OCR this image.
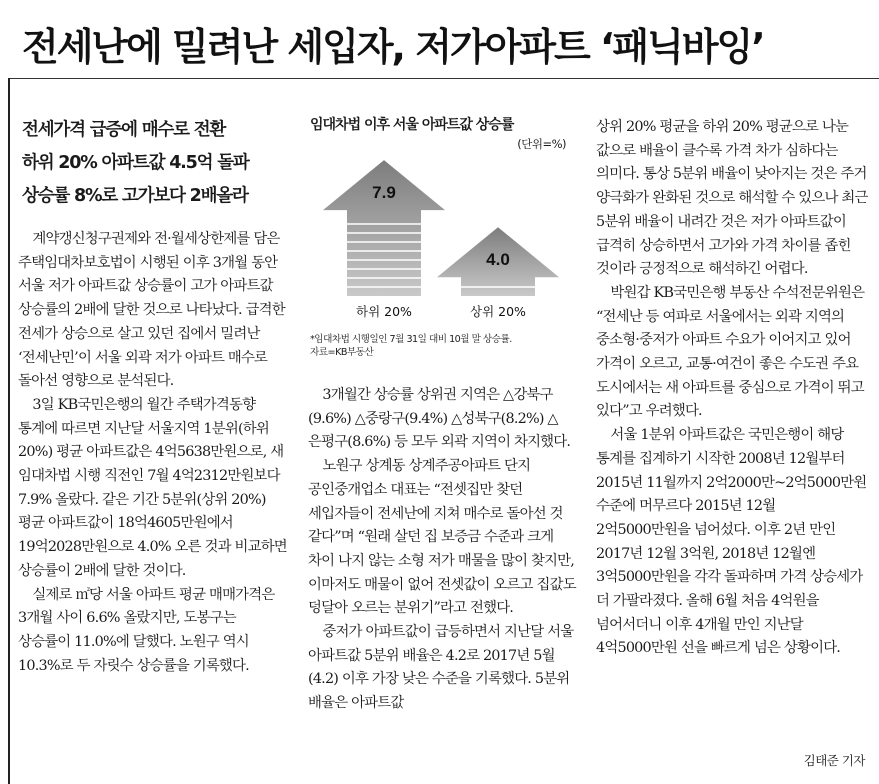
전세난에 밀려난 세입자, 저가아파트 ‘패닉바잉’
전세가격 급증에 매수로 전환
하위 20% 아파트값 4.5억 돌파
상승률 8%로 고가보다 2배올라

계약갱신청구권제와 전·월세상한제를 담은 주택임대차보호법이 시행된 이후 3개월 동안 서울 저가 아파트값 상승률이 고가 아파트값 상승률의 2배에 달한 것으로 나타났다. 급격한 전세가 상승으로 살고 있던 집에서 밀려난 ‘전세난민’이 서울 외곽 저가 아파트 매수로 돌아선 영향으로 분석된다.

3일 KB국민은행의 월간 주택가격동향 통계에 따르면 지난달 서울지역 1분위(하위 20%) 평균 아파트값은 4억5638만원으로, 새 임대차법 시행 직전인 7월 4억2312만원보다 7.9% 올랐다. 같은 기간 5분위(상위 20%) 평균 아파트값이 18억4605만원에서 19억2028만원으로 4.0% 오른 것과 비교하면 상승률이 2배에 달한 것이다.

실제로 ㎡당 서울 아파트 평균 매매가격은 3개월 사이 6.6% 올랐지만, 도봉구는 상승률이 11.0%에 달했다. 노원구 역시 10.3%로 두 자릿수 상승률을 기록했다.

임대차법 이후 서울 아파트값 상승률
(단위=%)
7.9
하위 20%
4.0
상위 20%
*임대차법 시행일인 7월 31일 대비 10월 말 상승률.
자료=KB부동산

3개월간 상승률 상위권 지역은 △강북구(9.6%) △중랑구(9.4%) △성북구(8.2%) △은평구(8.6%) 등 모두 외곽 지역이 차지했다.

노원구 상계동 상계주공아파트 단지 공인중개업소 대표는 “전셋집만 찾던 세입자들이 전세난에 지쳐 매수로 돌아선 것 같다”며 “원래 살던 집 보증금 수준과 크게 차이 나지 않는 소형 저가 매물을 많이 찾지만, 이마저도 매물이 없어 전셋값이 오르고 집값도 덩달아 오르는 분위기”라고 전했다.

중저가 아파트값이 급등하면서 지난달 서울 아파트값 5분위 배율은 4.2로 2017년 5월(4.2) 이후 가장 낮은 수준을 기록했다. 5분위 배율은 아파트값

상위 20% 평균을 하위 20% 평균으로 나눈 값으로 배율이 클수록 가격 차가 심하다는 의미다. 통상 5분위 배율이 낮아지는 것은 주거 양극화가 완화된 것으로 해석할 수 있으나 최근 5분위 배율이 내려간 것은 저가 아파트값이 급격히 상승하면서 고가와 가격 차이를 좁힌 것이라 긍정적으로 해석하긴 어렵다.

박원갑 KB국민은행 부동산 수석전문위원은 “전세난 등 여파로 서울에서는 외곽 지역의 중소형·중저가 아파트 수요가 이어지고 있어 가격이 오르고, 교통·여건이 좋은 수도권 주요 도시에서는 새 아파트를 중심으로 가격이 뛰고 있다”고 우려했다.

서울 1분위 아파트값은 국민은행이 해당 통계를 집계하기 시작한 2008년 12월부터 2015년 11월까지 2억2000만~2억5000만원 수준에 머무르다 2015년 12월 2억5000만원을 넘어섰다. 이후 2년 만인 2017년 12월 3억원, 2018년 12월엔 3억5000만원을 각각 돌파하며 가격 상승세가 더 가팔라졌다. 올해 6월 처음 4억원을 넘어서더니 이후 4개월 만인 지난달 4억5000만원 선을 빠르게 넘은 상황이다.

김태준 기자
